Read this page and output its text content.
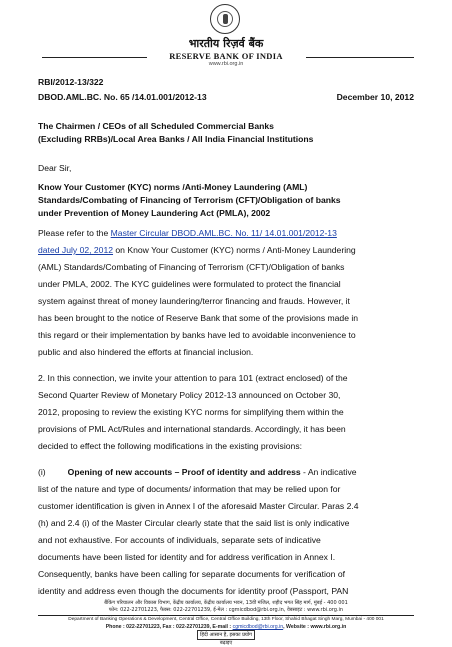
भारतीय रिज़र्व बैंक
RESERVE BANK OF INDIA
www.rbi.org.in
RBI/2012-13/322
DBOD.AML.BC. No. 65 /14.01.001/2012-13	December 10, 2012
The Chairmen / CEOs of all Scheduled Commercial Banks
(Excluding RRBs)/Local Area Banks / All India Financial Institutions
Dear Sir,
Know Your Customer (KYC) norms /Anti-Money Laundering (AML)
Standards/Combating of Financing of Terrorism (CFT)/Obligation of banks
under Prevention of Money Laundering Act (PMLA), 2002
Please refer to the Master Circular DBOD.AML.BC. No. 11/ 14.01.001/2012-13
dated July 02, 2012 on Know Your Customer (KYC) norms / Anti-Money Laundering
(AML) Standards/Combating of Financing of Terrorism (CFT)/Obligation of banks
under PMLA, 2002. The KYC guidelines were formulated to protect the financial
system against threat of money laundering/terror financing and frauds. However, it
has been brought to the notice of Reserve Bank that some of the provisions made in
this regard or their implementation by banks have led to avoidable inconvenience to
public and also hindered the efforts at financial inclusion.
2. In this connection, we invite your attention to para 101 (extract enclosed) of the
Second Quarter Review of Monetary Policy 2012-13 announced on October 30,
2012, proposing to review the existing KYC norms for simplifying them within the
provisions of PML Act/Rules and international standards. Accordingly, it has been
decided to effect the following modifications in the existing provisions:
(i)	Opening of new accounts – Proof of identity and address - An indicative
list of the nature and type of documents/ information that may be relied upon for
customer identification is given in Annex I of the aforesaid Master Circular. Paras 2.4
(h) and 2.4 (i) of the Master Circular clearly state that the said list is only indicative
and not exhaustive. For accounts of individuals, separate sets of indicative
documents have been listed for identity and for address verification in Annex I.
Consequently, banks have been calling for separate documents for verification of
identity and address even though the documents for identity proof (Passport, PAN
बैंकिंग परिचालन और विकास विभाग, केंद्रीय कार्यालय, केंद्रीय कार्यालय भवन, 13वीं मंजिल, शहीद भगत सिंह मार्ग, मुंबई - 400 001
फोन: 022-22701223, फैक्स: 022-22701239, ई-मेल : cgmicdbod@rbi.org.in, वेबसाइट : www.rbi.org.in
Department of Banking Operations & Development, Central Office, Central Office Building, 13th Floor, Shahid Bhagat Singh Marg, Mumbai - 400 001
Phone : 022-22701223, Fax : 022-22701239, E-mail : cgmicdbod@rbi.org.in, Website : www.rbi.org.in
हिंदी आसान है, इसका प्रयोग बढ़ाइए
